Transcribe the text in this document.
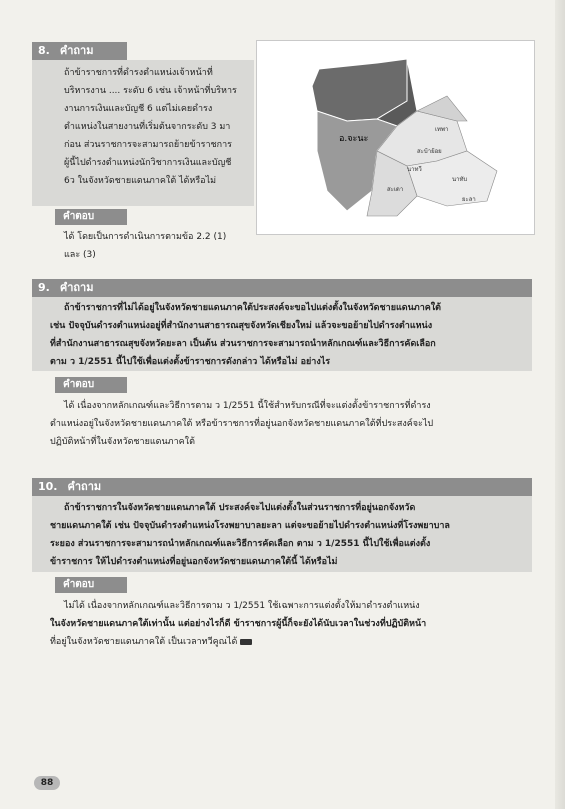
8. คำถาม
ถ้าข้าราชการที่ดำรงตำแหน่งเจ้าหน้าที่
บริหารงาน .... ระดับ 6 เช่น เจ้าหน้าที่บริหาร
งานการเงินและบัญชี 6 แต่ไม่เคยดำรง
ตำแหน่งในสายงานที่เริ่มต้นจากระดับ 3 มา
ก่อน ส่วนราชการจะสามารถย้ายข้าราชการ
ผู้นี้ไปดำรงตำแหน่งนักวิชาการเงินและบัญชี
6ว ในจังหวัดชายแดนภาคใต้ ได้หรือไม่
คำตอบ
ได้ โดยเป็นการดำเนินการตามข้อ 2.2 (1)
และ (3)
อ.จะนะ
สะบ้าย้อย
เทพา
นาทวี
สะเดา
นาทับ
ยะลา
9. คำถาม
ถ้าข้าราชการที่ไม่ได้อยู่ในจังหวัดชายแดนภาคใต้ประสงค์จะขอไปแต่งตั้งในจังหวัดชายแดนภาคใต้
เช่น ปัจจุบันดำรงตำแหน่งอยู่ที่สำนักงานสาธารณสุขจังหวัดเชียงใหม่ แล้วจะขอย้ายไปดำรงตำแหน่ง
ที่สำนักงานสาธารณสุขจังหวัดยะลา เป็นต้น ส่วนราชการจะสามารถนำหลักเกณฑ์และวิธีการคัดเลือก
ตาม ว 1/2551 นี้ไปใช้เพื่อแต่งตั้งข้าราชการดังกล่าว ได้หรือไม่ อย่างไร
คำตอบ
ได้ เนื่องจากหลักเกณฑ์และวิธีการตาม ว 1/2551 นี้ใช้สำหรับกรณีที่จะแต่งตั้งข้าราชการที่ดำรง
ตำแหน่งอยู่ในจังหวัดชายแดนภาคใต้ หรือข้าราชการที่อยู่นอกจังหวัดชายแดนภาคใต้ที่ประสงค์จะไป
ปฏิบัติหน้าที่ในจังหวัดชายแดนภาคใต้
10. คำถาม
ถ้าข้าราชการในจังหวัดชายแดนภาคใต้ ประสงค์จะไปแต่งตั้งในส่วนราชการที่อยู่นอกจังหวัด
ชายแดนภาคใต้ เช่น ปัจจุบันดำรงตำแหน่งโรงพยาบาลยะลา แต่จะขอย้ายไปดำรงตำแหน่งที่โรงพยาบาล
ระยอง ส่วนราชการจะสามารถนำหลักเกณฑ์และวิธีการคัดเลือก ตาม ว 1/2551 นี้ไปใช้เพื่อแต่งตั้ง
ข้าราชการ ให้ไปดำรงตำแหน่งที่อยู่นอกจังหวัดชายแดนภาคใต้นี้ ได้หรือไม่
คำตอบ
ไม่ได้ เนื่องจากหลักเกณฑ์และวิธีการตาม ว 1/2551 ใช้เฉพาะการแต่งตั้งให้มาดำรงตำแหน่ง
ในจังหวัดชายแดนภาคใต้เท่านั้น แต่อย่างไรก็ดี ข้าราชการผู้นี้ก็จะยังได้นับเวลาในช่วงที่ปฏิบัติหน้า
ที่อยู่ในจังหวัดชายแดนภาคใต้ เป็นเวลาทวีคูณได้
88
